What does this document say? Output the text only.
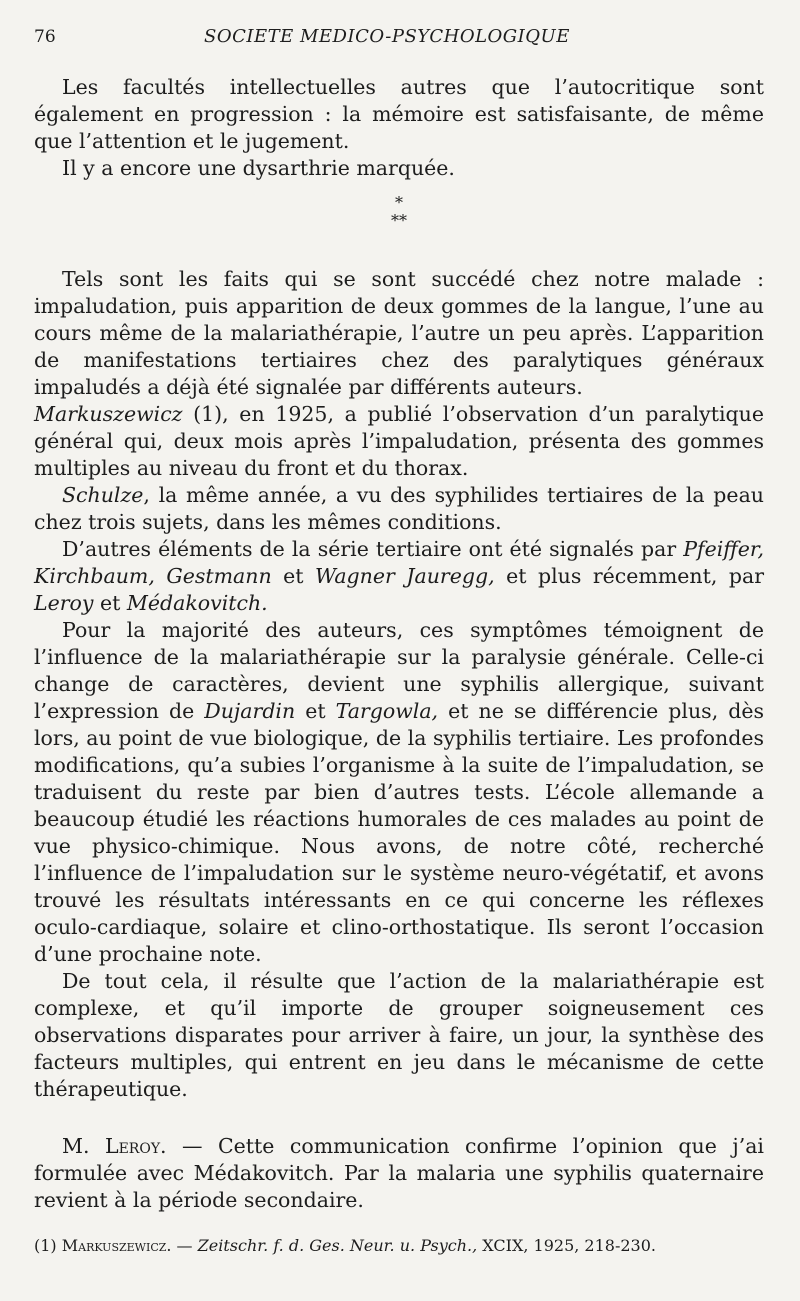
76	SOCIETE MEDICO-PSYCHOLOGIQUE

Les facultés intellectuelles autres que l’autocritique sont également en progression : la mémoire est satisfaisante, de même que l’attention et le jugement.

Il y a encore une dysarthrie marquée.

*
**

Tels sont les faits qui se sont succédé chez notre malade : impaludation, puis apparition de deux gommes de la langue, l’une au cours même de la malariathérapie, l’autre un peu après. L’apparition de manifestations tertiaires chez des paralytiques généraux impaludés a déjà été signalée par différents auteurs.
Markuszewicz (1), en 1925, a publié l’observation d’un paralytique général qui, deux mois après l’impaludation, présenta des gommes multiples au niveau du front et du thorax.

Schulze, la même année, a vu des syphilides tertiaires de la peau chez trois sujets, dans les mêmes conditions.

D’autres éléments de la série tertiaire ont été signalés par Pfeiffer, Kirchbaum, Gestmann et Wagner Jauregg, et plus récemment, par Leroy et Médakovitch.

Pour la majorité des auteurs, ces symptômes témoignent de l’influence de la malariathérapie sur la paralysie générale. Celle-ci change de caractères, devient une syphilis allergique, suivant l’expression de Dujardin et Targowla, et ne se différencie plus, dès lors, au point de vue biologique, de la syphilis tertiaire. Les profondes modifications, qu’a subies l’organisme à la suite de l’impaludation, se traduisent du reste par bien d’autres tests. L’école allemande a beaucoup étudié les réactions humorales de ces malades au point de vue physico-chimique. Nous avons, de notre côté, recherché l’influence de l’impaludation sur le système neuro-végétatif, et avons trouvé les résultats intéressants en ce qui concerne les réflexes oculo-cardiaque, solaire et clino-orthostatique. Ils seront l’occasion d’une prochaine note.

De tout cela, il résulte que l’action de la malariathérapie est complexe, et qu’il importe de grouper soigneusement ces observations disparates pour arriver à faire, un jour, la synthèse des facteurs multiples, qui entrent en jeu dans le mécanisme de cette thérapeutique.

M. Leroy. — Cette communication confirme l’opinion que j’ai formulée avec Médakovitch. Par la malaria une syphilis quaternaire revient à la période secondaire.

(1) Markuszewicz. — Zeitschr. f. d. Ges. Neur. u. Psych., XCIX, 1925, 218-230.
